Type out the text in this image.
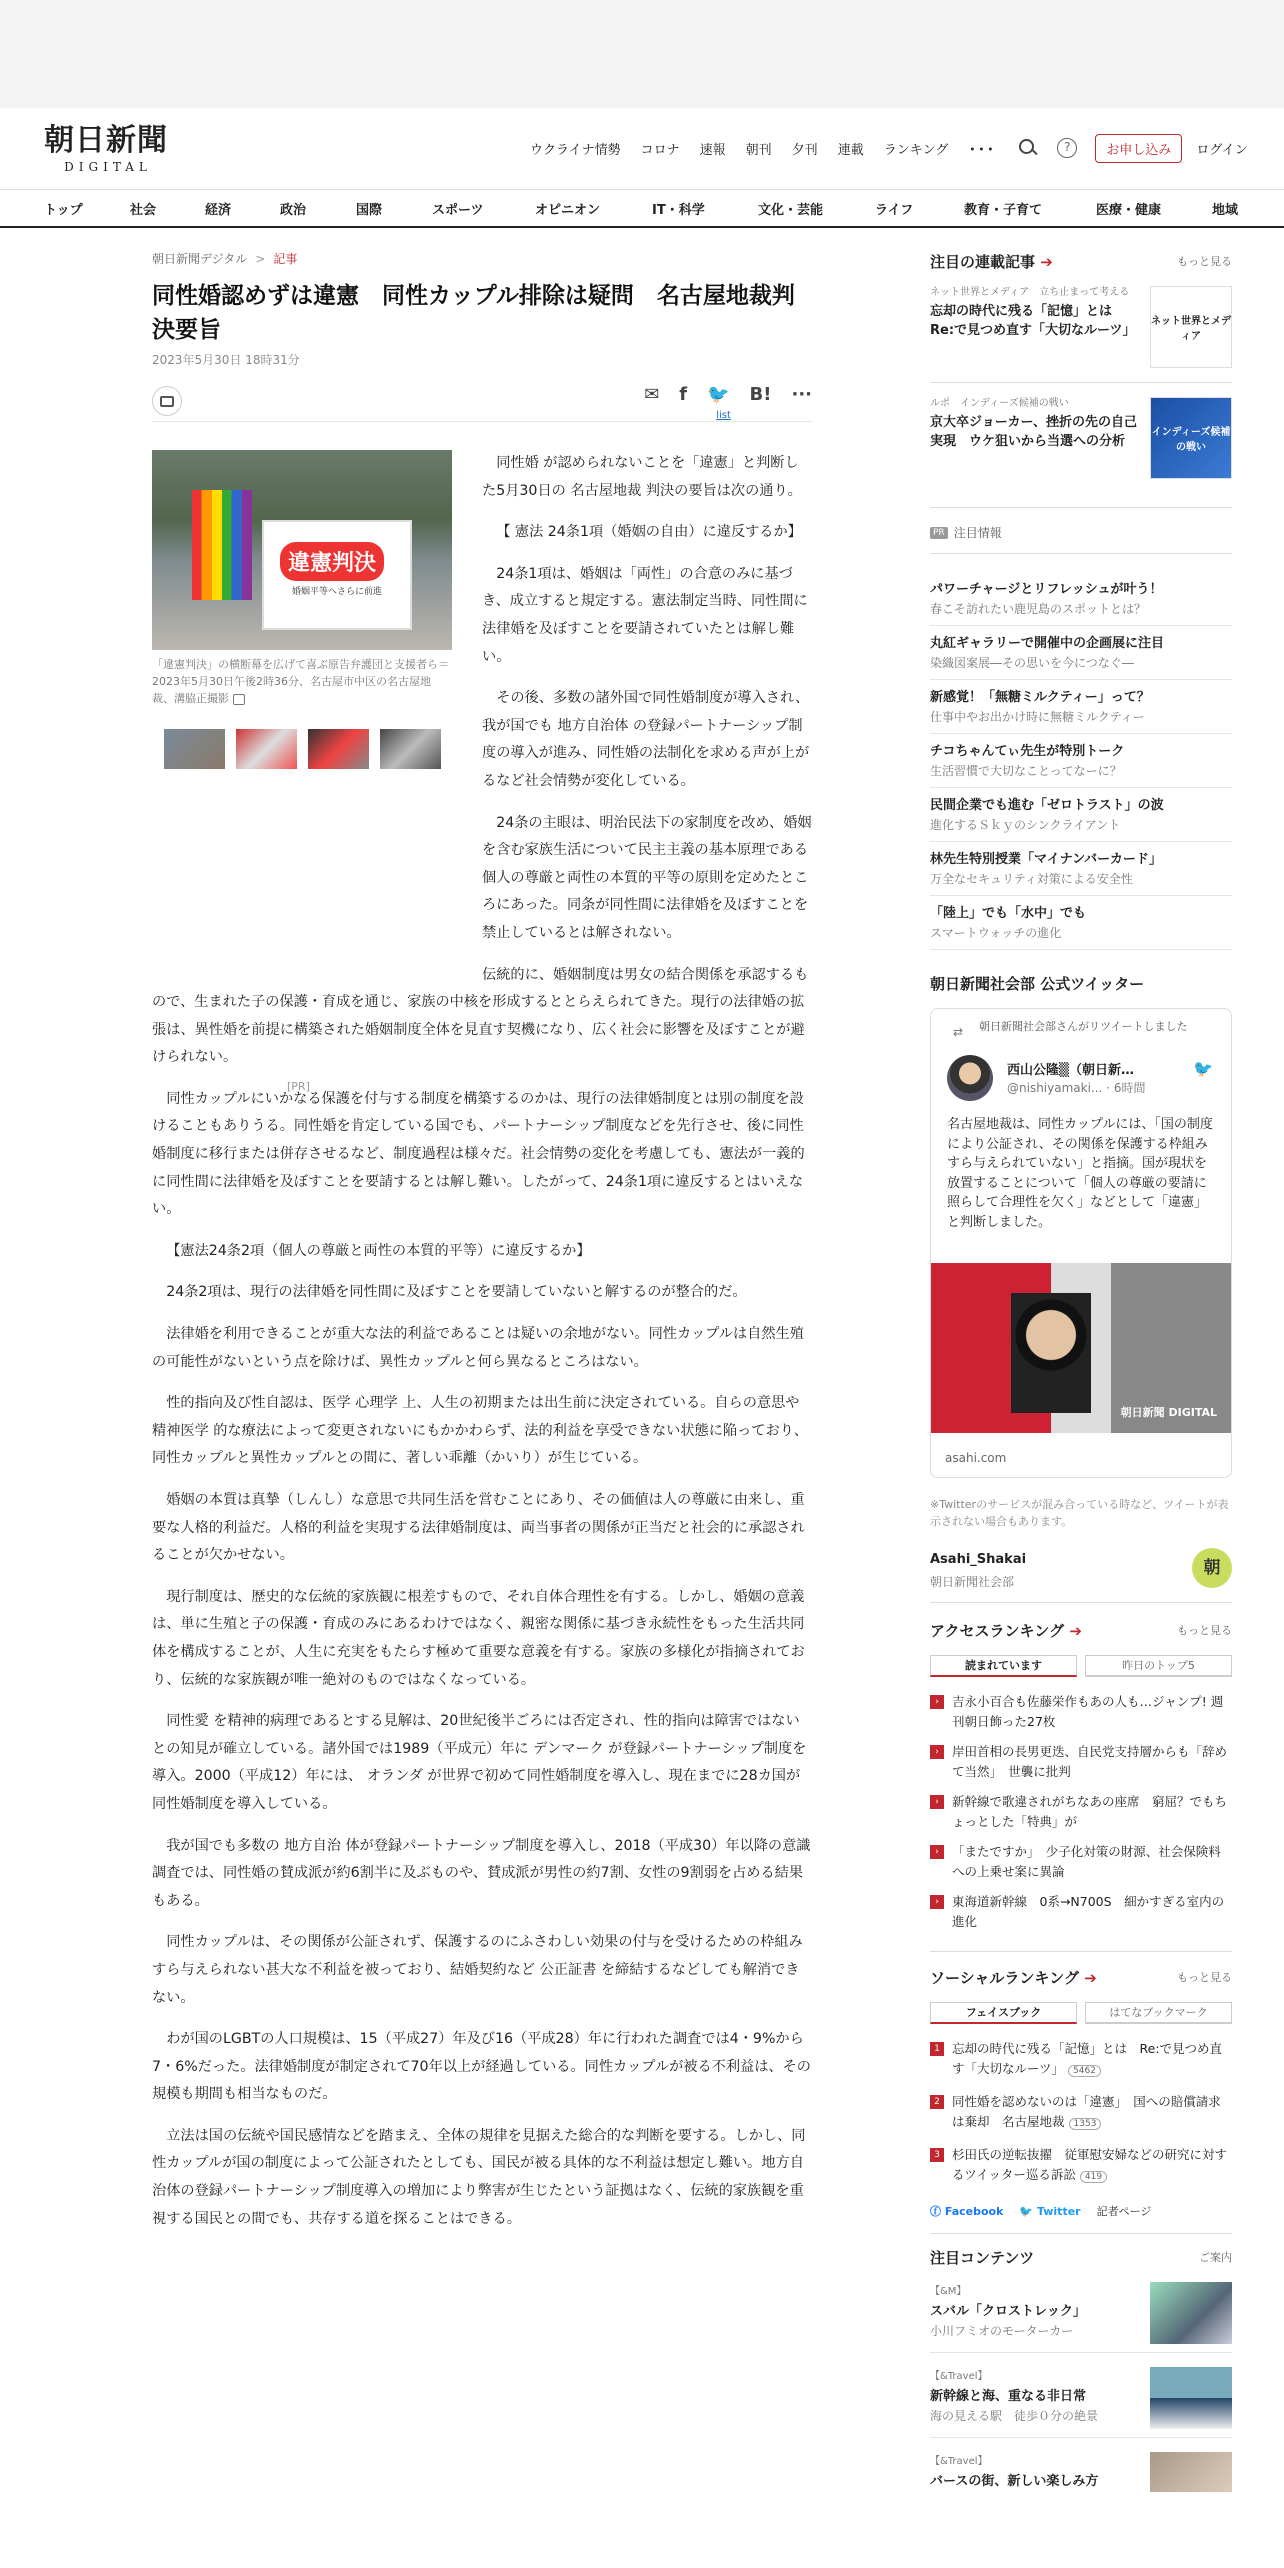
朝日新聞
DIGITAL
ウクライナ情勢 コロナ 速報 朝刊 夕刊 連載 ランキング ･･･	?	お申し込み	ログイン
トップ	社会	経済	政治	国際	スポーツ	オピニオン	IT・科学	文化・芸能	ライフ	教育・子育て	医療・健康	地域
朝日新聞デジタル > 記事
同性婚認めずは違憲　同性カップル排除は疑問　名古屋地裁判決要旨
2023年5月30日 18時31分
✉ f 🐦 B! ···
list
違憲判決
婚姻平等へさらに前進
「違憲判決」の横断幕を広げて喜ぶ原告弁護団と支援者ら＝2023年5月30日午後2時36分、名古屋市中区の名古屋地裁、溝脇正撮影
[PR]

同性婚 が認められないことを「違憲」と判断した5月30日の 名古屋地裁 判決の要旨は次の通り。

【 憲法 24条1項（婚姻の自由）に違反するか】

24条1項は、婚姻は「両性」の合意のみに基づき、成立すると規定する。憲法制定当時、同性間に法律婚を及ぼすことを要請されていたとは解し難い。

その後、多数の諸外国で同性婚制度が導入され、我が国でも 地方自治体 の登録パートナーシップ制度の導入が進み、同性婚の法制化を求める声が上がるなど社会情勢が変化している。

24条の主眼は、明治民法下の家制度を改め、婚姻を含む家族生活について民主主義の基本原理である個人の尊厳と両性の本質的平等の原則を定めたところにあった。同条が同性間に法律婚を及ぼすことを禁止しているとは解されない。

伝統的に、婚姻制度は男女の結合関係を承認するもので、生まれた子の保護・育成を通じ、家族の中核を形成するととらえられてきた。現行の法律婚の拡張は、異性婚を前提に構築された婚姻制度全体を見直す契機になり、広く社会に影響を及ぼすことが避けられない。

同性カップルにいかなる保護を付与する制度を構築するのかは、現行の法律婚制度とは別の制度を設けることもありうる。同性婚を肯定している国でも、パートナーシップ制度などを先行させ、後に同性婚制度に移行または併存させるなど、制度過程は様々だ。社会情勢の変化を考慮しても、憲法が一義的に同性間に法律婚を及ぼすことを要請するとは解し難い。したがって、24条1項に違反するとはいえない。

【憲法24条2項（個人の尊厳と両性の本質的平等）に違反するか】

24条2項は、現行の法律婚を同性間に及ぼすことを要請していないと解するのが整合的だ。

法律婚を利用できることが重大な法的利益であることは疑いの余地がない。同性カップルは自然生殖の可能性がないという点を除けば、異性カップルと何ら異なるところはない。

性的指向及び性自認は、医学 心理学 上、人生の初期または出生前に決定されている。自らの意思や 精神医学 的な療法によって変更されないにもかかわらず、法的利益を享受できない状態に陥っており、同性カップルと異性カップルとの間に、著しい乖離（かいり）が生じている。

婚姻の本質は真摯（しんし）な意思で共同生活を営むことにあり、その価値は人の尊厳に由来し、重要な人格的利益だ。人格的利益を実現する法律婚制度は、両当事者の関係が正当だと社会的に承認されることが欠かせない。

現行制度は、歴史的な伝統的家族観に根差すもので、それ自体合理性を有する。しかし、婚姻の意義は、単に生殖と子の保護・育成のみにあるわけではなく、親密な関係に基づき永続性をもった生活共同体を構成することが、人生に充実をもたらす極めて重要な意義を有する。家族の多様化が指摘されており、伝統的な家族観が唯一絶対のものではなくなっている。

同性愛 を精神的病理であるとする見解は、20世紀後半ごろには否定され、性的指向は障害ではないとの知見が確立している。諸外国では1989（平成元）年に デンマーク が登録パートナーシップ制度を導入。2000（平成12）年には、 オランダ が世界で初めて同性婚制度を導入し、現在までに28カ国が同性婚制度を導入している。

我が国でも多数の 地方自治 体が登録パートナーシップ制度を導入し、2018（平成30）年以降の意識調査では、同性婚の賛成派が約6割半に及ぶものや、賛成派が男性の約7割、女性の9割弱を占める結果もある。

同性カップルは、その関係が公証されず、保護するのにふさわしい効果の付与を受けるための枠組みすら与えられない甚大な不利益を被っており、結婚契約など 公正証書 を締結するなどしても解消できない。

わが国のLGBTの人口規模は、15（平成27）年及び16（平成28）年に行われた調査では4・9%から7・6%だった。法律婚制度が制定されて70年以上が経過している。同性カップルが被る不利益は、その規模も期間も相当なものだ。

立法は国の伝統や国民感情などを踏まえ、全体の規律を見据えた総合的な判断を要する。しかし、同性カップルが国の制度によって公証されたとしても、国民が被る具体的な不利益は想定し難い。地方自治体の登録パートナーシップ制度導入の増加により弊害が生じたという証拠はなく、伝統的家族観を重視する国民との間でも、共存する道を探ることはできる。

注目の連載記事 ➔	もっと見る
ネット世界とメディア　立ち止まって考える
忘却の時代に残る「記憶」とは　Re:で見つめ直す「大切なルーツ」
ネット世界とメディア
ルポ　インディーズ候補の戦い
京大卒ジョーカー、挫折の先の自己実現　ウケ狙いから当選への分析
インディーズ候補の戦い
PR 注目情報
パワーチャージとリフレッシュが叶う！
春こそ訪れたい鹿児島のスポットとは？
丸紅ギャラリーで開催中の企画展に注目
染織図案展―その思いを今につなぐ―
新感覚！「無糖ミルクティー」って？
仕事中やお出かけ時に無糖ミルクティー
チコちゃんてぃ先生が特別トーク
生活習慣で大切なことってなーに？
民間企業でも進む「ゼロトラスト」の波
進化するＳｋｙのシンクライアント
林先生特別授業「マイナンバーカード」
万全なセキュリティ対策による安全性
「陸上」でも「水中」でも
スマートウォッチの進化
朝日新聞社会部 公式ツイッター
⇄ 朝日新聞社会部さんがリツイートしました
西山公隆▒（朝日新…
@nishiyamaki... · 6時間
🐦
名古屋地裁は、同性カップルには、「国の制度により公証され、その関係を保護する枠組みすら与えられていない」と指摘。国が現状を放置することについて「個人の尊厳の要請に照らして合理性を欠く」などとして「違憲」と判断しました。
朝日新聞 DIGITAL
asahi.com
※Twitterのサービスが混み合っている時など、ツイートが表示されない場合もあります。
Asahi_Shakai
朝日新聞社会部
朝
アクセスランキング ➔	もっと見る
読まれています	昨日のトップ5
›	吉永小百合も佐藤栄作もあの人も…ジャンプ! 週刊朝日飾った27枚
›	岸田首相の長男更迭、自民党支持層からも「辞めて当然」　世襲に批判
›	新幹線で歌違されがちなあの座席　窮屈？でもちょっとした「特典」が
›	「またですか」　少子化対策の財源、社会保険料への上乗せ案に異論
›	東海道新幹線　0系→N700S　細かすぎる室内の進化
ソーシャルランキング ➔	もっと見る
フェイスブック	はてなブックマーク
1 忘却の時代に残る「記憶」とは　Re:で見つめ直す「大切なルーツ」 5462
2 同性婚を認めないのは「違憲」　国への賠償請求は棄却　名古屋地裁 1353
3 杉田氏の逆転抜擢　従軍慰安婦などの研究に対するツイッター巡る訴訟 419
ⓕ Facebook 🐦 Twitter 記者ページ
注目コンテンツ	ご案内
【&M】
スバル「クロストレック」
小川フミオのモーターカー
【&Travel】
新幹線と海、重なる非日常
海の見える駅　徒歩０分の絶景
【&Travel】
バースの街、新しい楽しみ方
